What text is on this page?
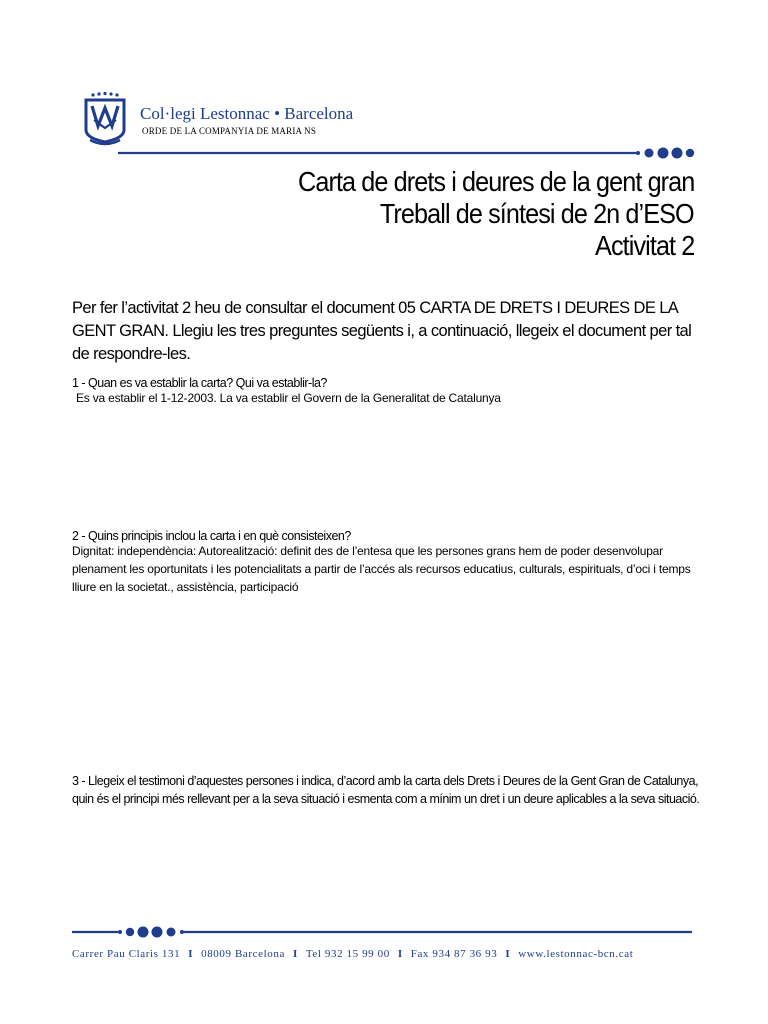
Col·legi Lestonnac • Barcelona
ORDE DE LA COMPANYIA DE MARIA NS
Carta de drets i deures de la gent gran
Treball de síntesi de 2n d’ESO
Activitat 2
Per fer l’activitat 2 heu de consultar el document 05 CARTA DE DRETS I DEURES DE LA GENT GRAN. Llegiu les tres preguntes següents i, a continuació, llegeix el document per tal de respondre-les.
1 - Quan es va establir la carta? Qui va establir-la?
Es va establir el 1-12-2003. La va establir el Govern de la Generalitat de Catalunya
2 - Quins principis inclou la carta i en què consisteixen?
Dignitat: independència: Autorealització: definit des de l’entesa que les persones grans hem de poder desenvolupar plenament les oportunitats i les potencialitats a partir de l’accés als recursos educatius, culturals, espirituals, d’oci i temps lliure en la societat., assistència, participació
3 - Llegeix el testimoni d’aquestes persones i indica, d’acord amb la carta dels Drets i Deures de la Gent Gran de Catalunya, quin és el principi més rellevant per a la seva situació i esmenta com a mínim un dret i un deure aplicables a la seva situació.
Carrer Pau Claris 131 I 08009 Barcelona I Tel 932 15 99 00 I Fax 934 87 36 93 I www.lestonnac-bcn.cat
